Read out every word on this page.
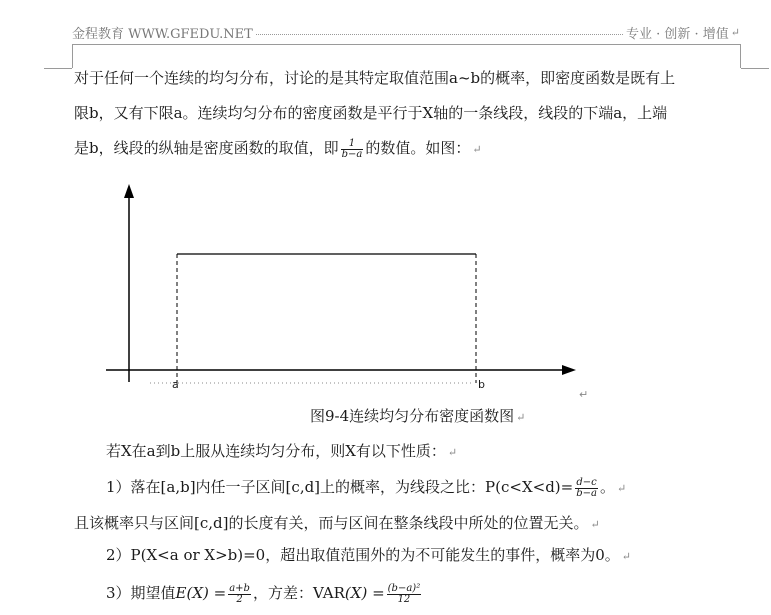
金程教育 WWW.GFEDU.NET	专业 · 创新 · 增值 ↵
对于任何一个连续的均匀分布，讨论的是其特定取值范围a~b的概率，即密度函数是既有上
限b，又有下限a。连续均匀分布的密度函数是平行于X轴的一条线段，线段的下端a，上端
是b，线段的纵轴是密度函数的取值，即 $\frac{1}{b-a}$ 的数值。如图： ↵
a	b
↵
图9-4连续均匀分布密度函数图 ↵
若X在a到b上服从连续均匀分布，则X有以下性质： ↵
1）落在[a,b]内任一子区间[c,d]上的概率，为线段之比：$P(c<X<d)= \frac{d-c}{b-a}$ 。 ↵
且该概率只与区间[c,d]的长度有关，而与区间在整条线段中所处的位置无关。 ↵
2）P(X<a or X>b)=0，超出取值范围外的为不可能发生的事件，概率为0。 ↵
3）期望值$E(X) = \frac{a+b}{2}$ ，方差：$VAR(X) = \frac{\text{(b−a)²}}{12}$
